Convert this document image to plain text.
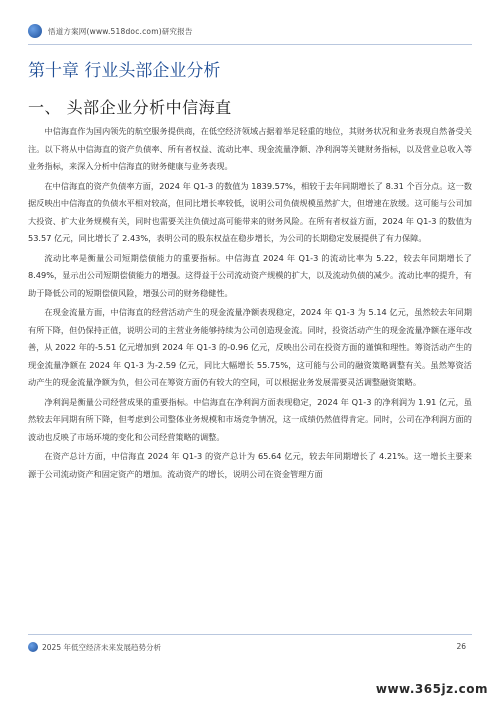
悟道方案网(www.518doc.com)研究报告
第十章 行业头部企业分析
一、 头部企业分析中信海直

中信海直作为国内领先的航空服务提供商，在低空经济领域占据着举足轻重的地位，其财务状况和业务表现自然备受关注。以下将从中信海直的资产负债率、所有者权益、流动比率、现金流量净额、净利润等关键财务指标，以及营业总收入等业务指标，来深入分析中信海直的财务健康与业务表现。

在中信海直的资产负债率方面，2024 年 Q1-3 的数值为 1839.57%，相较于去年同期增长了 8.31 个百分点。这一数据反映出中信海直的负债水平相对较高，但同比增长率较低，说明公司负债规模虽然扩大，但增速在放缓。这可能与公司加大投资、扩大业务规模有关，同时也需要关注负债过高可能带来的财务风险。在所有者权益方面，2024 年 Q1-3 的数值为 53.57 亿元，同比增长了 2.43%，表明公司的股东权益在稳步增长，为公司的长期稳定发展提供了有力保障。

流动比率是衡量公司短期偿债能力的重要指标。中信海直 2024 年 Q1-3 的流动比率为 5.22，较去年同期增长了 8.49%，显示出公司短期偿债能力的增强。这得益于公司流动资产规模的扩大，以及流动负债的减少。流动比率的提升，有助于降低公司的短期偿债风险，增强公司的财务稳健性。

在现金流量方面，中信海直的经营活动产生的现金流量净额表现稳定，2024 年 Q1-3 为 5.14 亿元，虽然较去年同期有所下降，但仍保持正值，说明公司的主营业务能够持续为公司创造现金流。同时，投资活动产生的现金流量净额在逐年改善，从 2022 年的-5.51 亿元增加到 2024 年 Q1-3 的-0.96 亿元，反映出公司在投资方面的谨慎和理性。筹资活动产生的现金流量净额在 2024 年 Q1-3 为-2.59 亿元，同比大幅增长 55.75%，这可能与公司的融资策略调整有关。虽然筹资活动产生的现金流量净额为负，但公司在筹资方面仍有较大的空间，可以根据业务发展需要灵活调整融资策略。

净利润是衡量公司经营成果的重要指标。中信海直在净利润方面表现稳定，2024 年 Q1-3 的净利润为 1.91 亿元，虽然较去年同期有所下降，但考虑到公司整体业务规模和市场竞争情况，这一成绩仍然值得肯定。同时，公司在净利润方面的波动也反映了市场环境的变化和公司经营策略的调整。

在资产总计方面，中信海直 2024 年 Q1-3 的资产总计为 65.64 亿元，较去年同期增长了 4.21%。这一增长主要来源于公司流动资产和固定资产的增加。流动资产的增长，说明公司在资金管理方面

2025 年低空经济未来发展趋势分析	26
www.365jz.com
